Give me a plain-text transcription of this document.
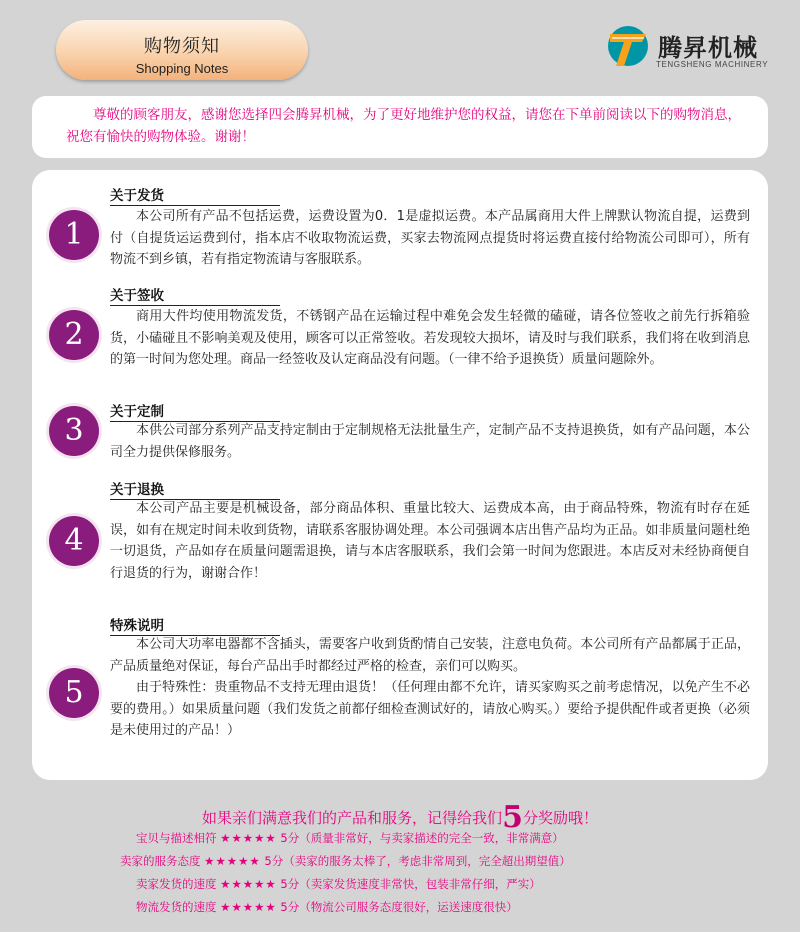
购物须知
Shopping Notes
腾昇机械
TENGSHENG MACHINERY
尊敬的顾客朋友，感谢您选择四会腾昇机械，为了更好地维护您的权益，请您在下单前阅读以下的购物消息，祝您有愉快的购物体验。谢谢！
1
关于发货
本公司所有产品不包括运费，运费设置为0．1是虚拟运费。本产品属商用大件上牌默认物流自提，运费到付（自提货运运费到付，指本店不收取物流运费，买家去物流网点提货时将运费直接付给物流公司即可），所有物流不到乡镇，若有指定物流请与客服联系。
2
关于签收
商用大件均使用物流发货，不锈钢产品在运输过程中难免会发生轻微的磕碰，请各位签收之前先行拆箱验货，小磕碰且不影响美观及使用，顾客可以正常签收。若发现较大损坏，请及时与我们联系，我们将在收到消息的第一时间为您处理。商品一经签收及认定商品没有问题。（一律不给予退换货）质量问题除外。
3
关于定制
本供公司部分系列产品支持定制由于定制规格无法批量生产，定制产品不支持退换货，如有产品问题，本公司全力提供保修服务。
4
关于退换
本公司产品主要是机械设备，部分商品体积、重量比较大、运费成本高，由于商品特殊，物流有时存在延误，如有在规定时间未收到货物，请联系客服协调处理。本公司强调本店出售产品均为正品。如非质量问题杜绝一切退货，产品如存在质量问题需退换，请与本店客服联系，我们会第一时间为您跟进。本店反对未经协商便自行退货的行为，谢谢合作！
5
特殊说明

本公司大功率电器都不含插头，需要客户收到货酌情自己安装，注意电负荷。本公司所有产品都属于正品，产品质量绝对保证，每台产品出手时都经过严格的检查，亲们可以购买。

由于特殊性：贵重物品不支持无理由退货！（任何理由都不允许，请买家购买之前考虑情况，以免产生不必要的费用。）如果质量问题（我们发货之前都仔细检查测试好的，请放心购买。）要给予提供配件或者更换（必须是未使用过的产品！）

如果亲们满意我们的产品和服务，记得给我们5分奖励哦！
宝贝与描述相符 ★★★★★ 5分（质量非常好，与卖家描述的完全一致，非常满意）
卖家的服务态度 ★★★★★ 5分（卖家的服务太棒了，考虑非常周到，完全超出期望值）
卖家发货的速度 ★★★★★ 5分（卖家发货速度非常快，包装非常仔细，严实）
物流发货的速度 ★★★★★ 5分（物流公司服务态度很好，运送速度很快）
